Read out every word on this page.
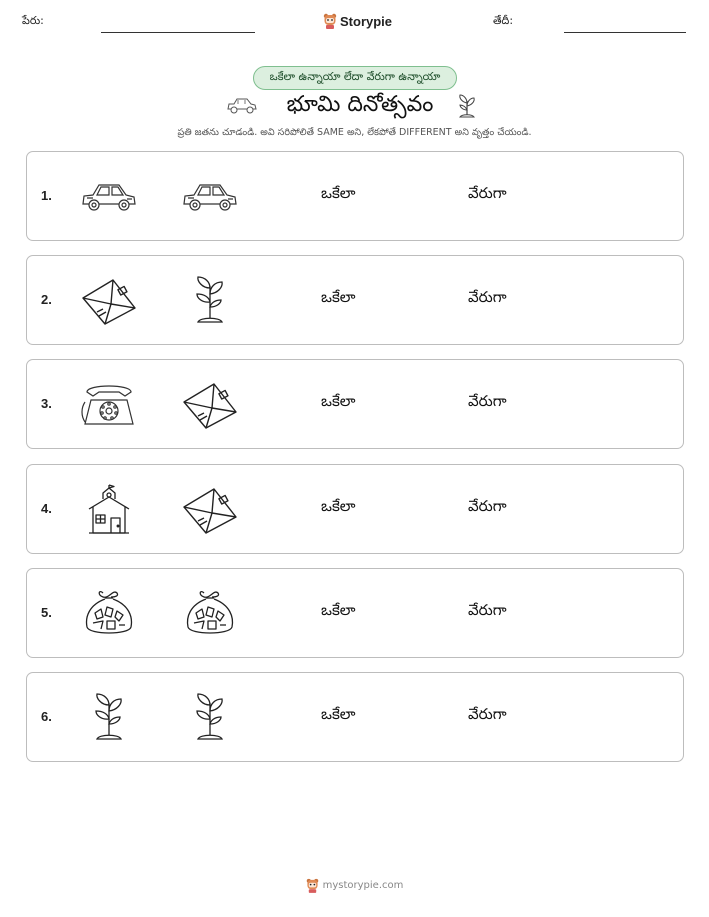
పేరు:	Storypie	తేదీ:
ఒకేలా ఉన్నాయా లేదా వేరుగా ఉన్నాయా
భూమి దినోత్సవం
ప్రతి జతను చూడండి. అవి సరిపోలితే SAME అని, లేకపోతే DIFFERENT అని వృత్తం చేయండి.
1.	ఒకేలా	వేరుగా
2.	ఒకేలా	వేరుగా
3.	ఒకేలా	వేరుగా
4.	ఒకేలా	వేరుగా
5.	ఒకేలా	వేరుగా
6.	ఒకేలా	వేరుగా
mystorypie.com
